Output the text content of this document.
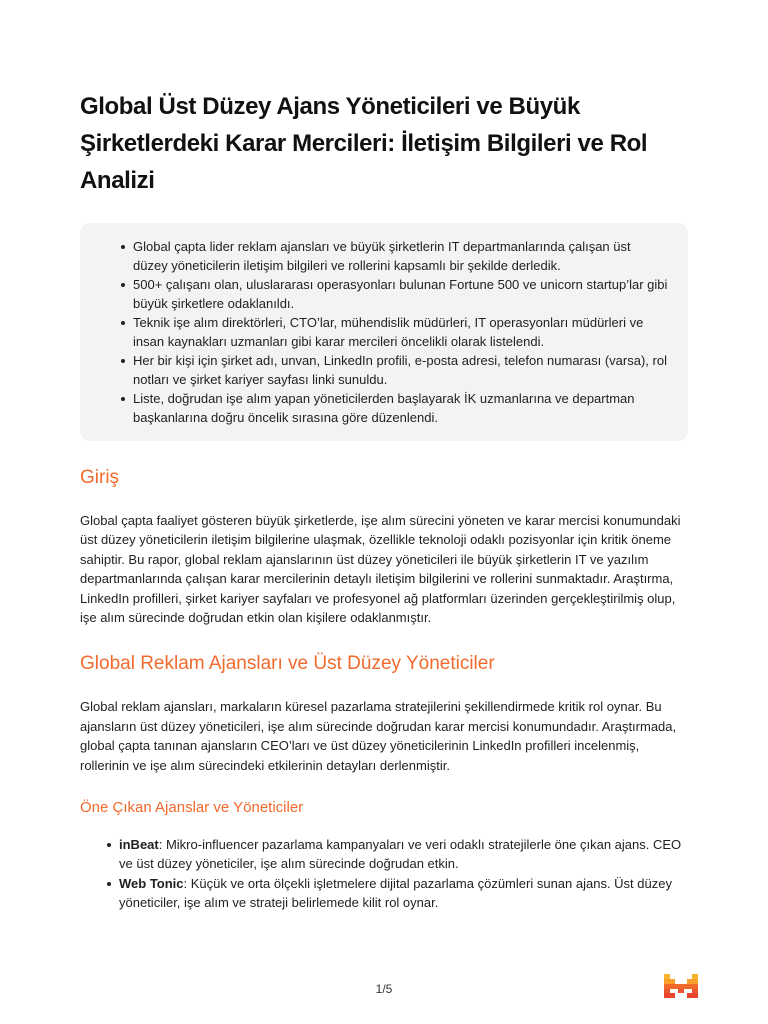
Global Üst Düzey Ajans Yöneticileri ve Büyük Şirketlerdeki Karar Mercileri: İletişim Bilgileri ve Rol Analizi
Global çapta lider reklam ajansları ve büyük şirketlerin IT departmanlarında çalışan üst düzey yöneticilerin iletişim bilgileri ve rollerini kapsamlı bir şekilde derledik.
500+ çalışanı olan, uluslararası operasyonları bulunan Fortune 500 ve unicorn startup’lar gibi büyük şirketlere odaklanıldı.
Teknik işe alım direktörleri, CTO’lar, mühendislik müdürleri, IT operasyonları müdürleri ve insan kaynakları uzmanları gibi karar mercileri öncelikli olarak listelendi.
Her bir kişi için şirket adı, unvan, LinkedIn profili, e-posta adresi, telefon numarası (varsa), rol notları ve şirket kariyer sayfası linki sunuldu.
Liste, doğrudan işe alım yapan yöneticilerden başlayarak İK uzmanlarına ve departman başkanlarına doğru öncelik sırasına göre düzenlendi.
Giriş

Global çapta faaliyet gösteren büyük şirketlerde, işe alım sürecini yöneten ve karar mercisi konumundaki üst düzey yöneticilerin iletişim bilgilerine ulaşmak, özellikle teknoloji odaklı pozisyonlar için kritik öneme sahiptir. Bu rapor, global reklam ajanslarının üst düzey yöneticileri ile büyük şirketlerin IT ve yazılım departmanlarında çalışan karar mercilerinin detaylı iletişim bilgilerini ve rollerini sunmaktadır. Araştırma, LinkedIn profilleri, şirket kariyer sayfaları ve profesyonel ağ platformları üzerinden gerçekleştirilmiş olup, işe alım sürecinde doğrudan etkin olan kişilere odaklanmıştır.

Global Reklam Ajansları ve Üst Düzey Yöneticiler

Global reklam ajansları, markaların küresel pazarlama stratejilerini şekillendirmede kritik rol oynar. Bu ajansların üst düzey yöneticileri, işe alım sürecinde doğrudan karar mercisi konumundadır. Araştırmada, global çapta tanınan ajansların CEO’ları ve üst düzey yöneticilerinin LinkedIn profilleri incelenmiş, rollerinin ve işe alım sürecindeki etkilerinin detayları derlenmiştir.

Öne Çıkan Ajanslar ve Yöneticiler
inBeat: Mikro-influencer pazarlama kampanyaları ve veri odaklı stratejilerle öne çıkan ajans. CEO ve üst düzey yöneticiler, işe alım sürecinde doğrudan etkin.
Web Tonic: Küçük ve orta ölçekli işletmelere dijital pazarlama çözümleri sunan ajans. Üst düzey yöneticiler, işe alım ve strateji belirlemede kilit rol oynar.
1/5
